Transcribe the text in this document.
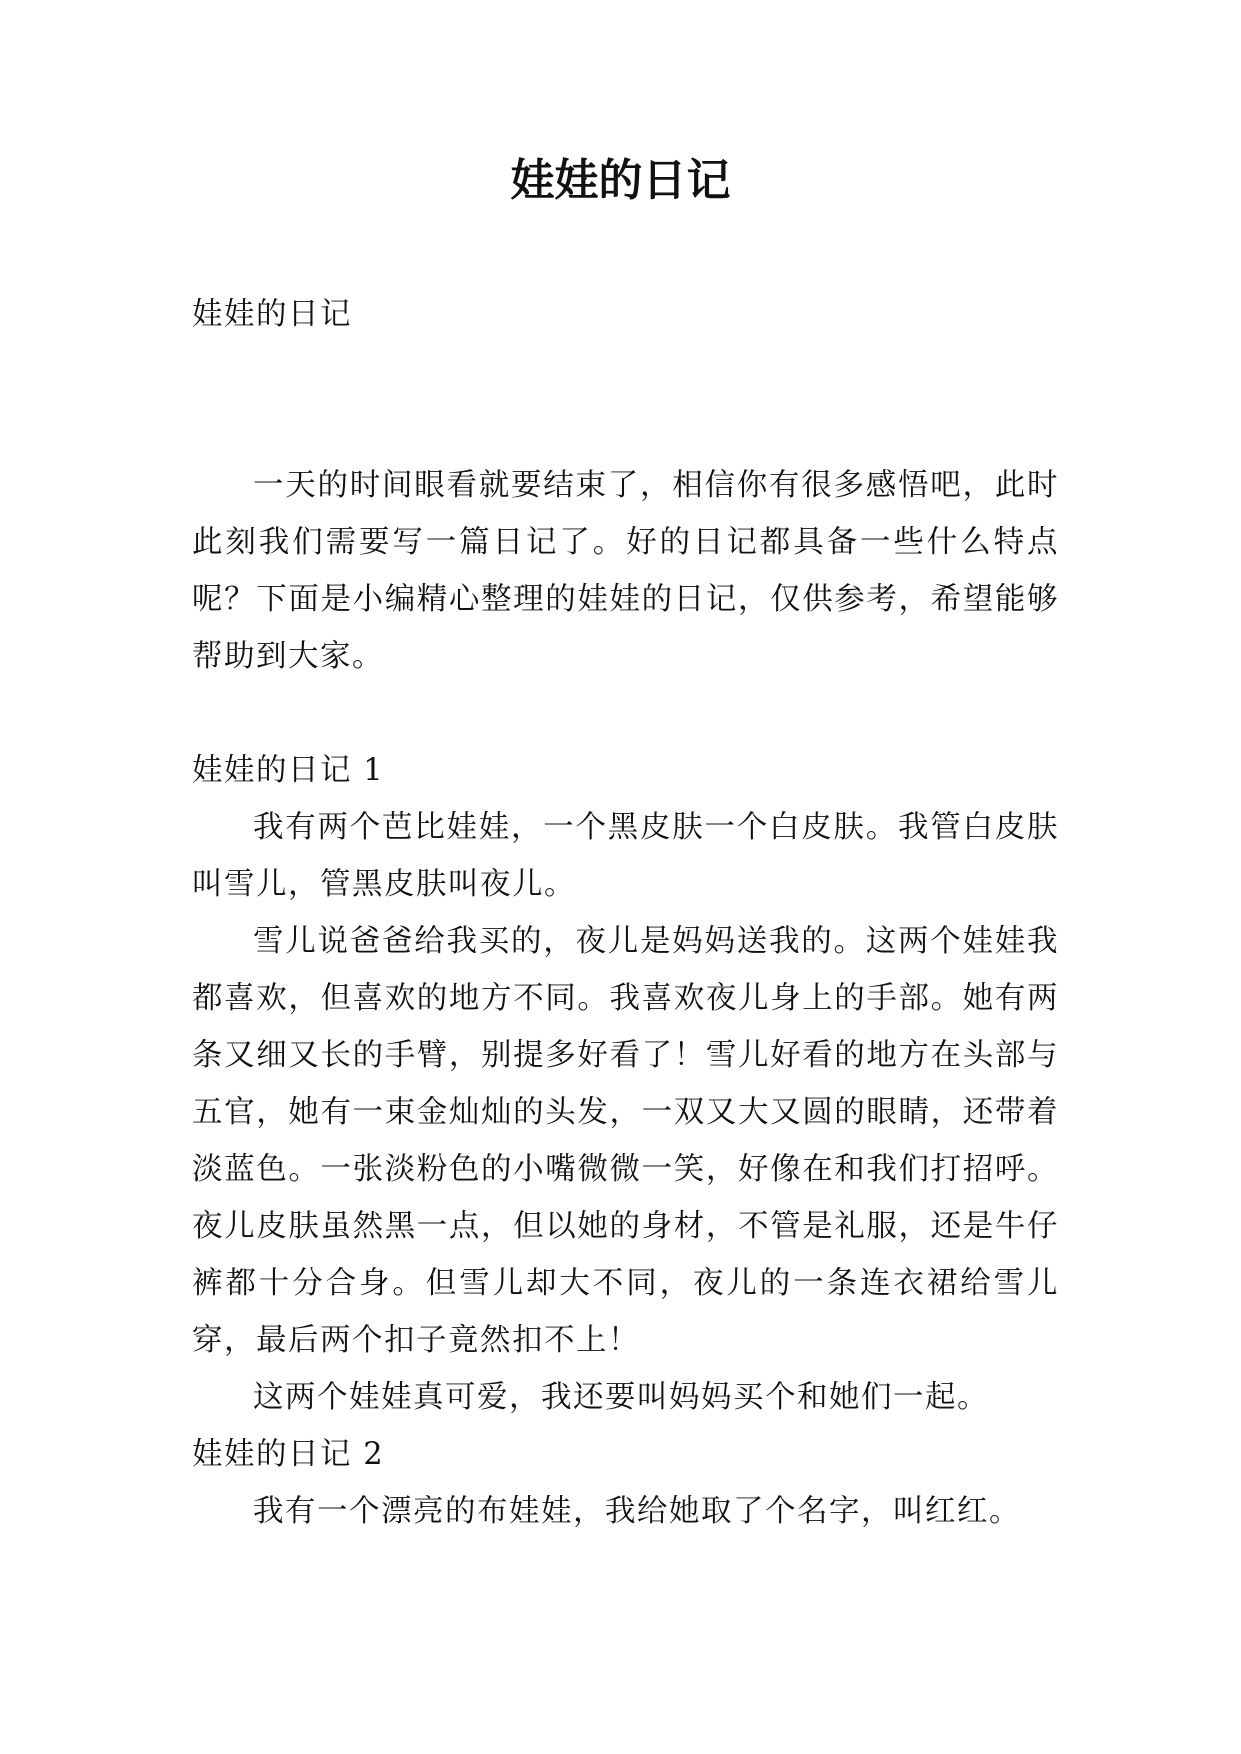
娃娃的日记

娃娃的日记

一天的时间眼看就要结束了，相信你有很多感悟吧，此时此刻我们需要写一篇日记了。好的日记都具备一些什么特点呢？下面是小编精心整理的娃娃的日记，仅供参考，希望能够帮助到大家。

娃娃的日记 1

我有两个芭比娃娃，一个黑皮肤一个白皮肤。我管白皮肤叫雪儿，管黑皮肤叫夜儿。

雪儿说爸爸给我买的，夜儿是妈妈送我的。这两个娃娃我都喜欢，但喜欢的地方不同。我喜欢夜儿身上的手部。她有两条又细又长的手臂，别提多好看了！雪儿好看的地方在头部与五官，她有一束金灿灿的头发，一双又大又圆的眼睛，还带着淡蓝色。一张淡粉色的小嘴微微一笑，好像在和我们打招呼。夜儿皮肤虽然黑一点，但以她的身材，不管是礼服，还是牛仔裤都十分合身。但雪儿却大不同，夜儿的一条连衣裙给雪儿穿，最后两个扣子竟然扣不上！

这两个娃娃真可爱，我还要叫妈妈买个和她们一起。

娃娃的日记 2

我有一个漂亮的布娃娃，我给她取了个名字，叫红红。
